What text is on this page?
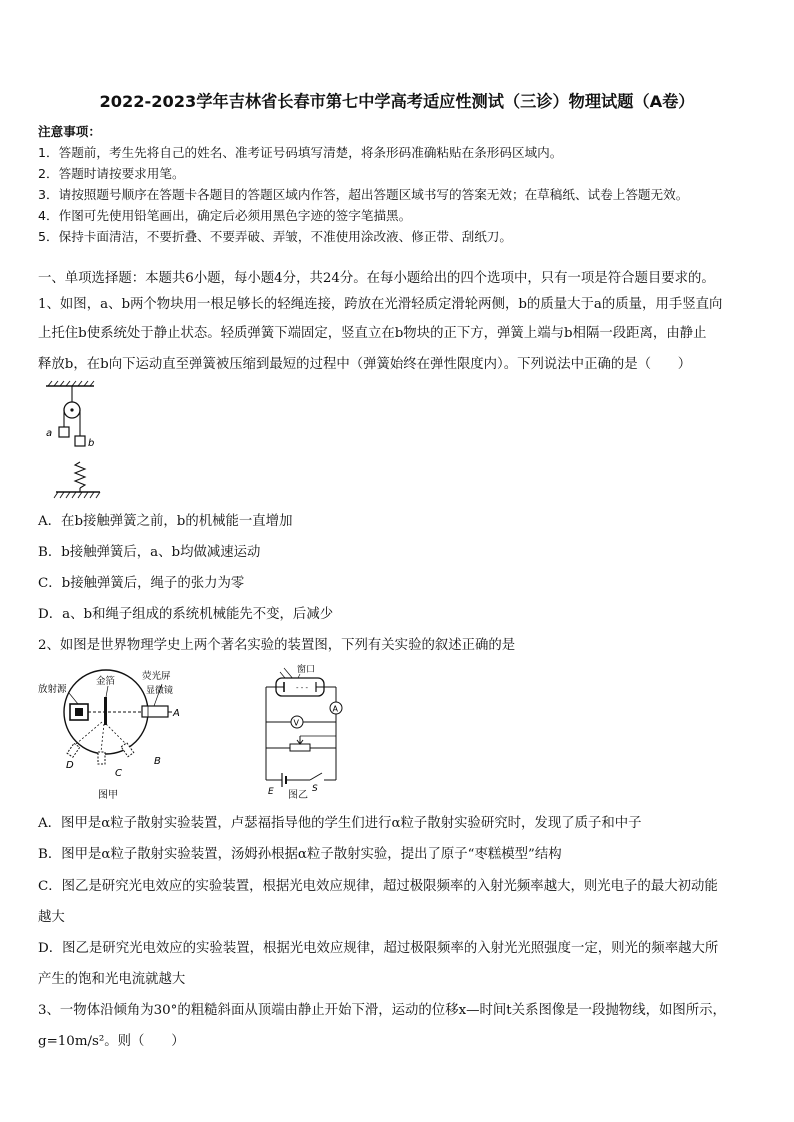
2022-2023学年吉林省长春市第七中学高考适应性测试（三诊）物理试题（A卷）
注意事项：
1．答题前，考生先将自己的姓名、准考证号码填写清楚，将条形码准确粘贴在条形码区域内。
2．答题时请按要求用笔。
3．请按照题号顺序在答题卡各题目的答题区域内作答，超出答题区域书写的答案无效；在草稿纸、试卷上答题无效。
4．作图可先使用铅笔画出，确定后必须用黑色字迹的签字笔描黑。
5．保持卡面清洁，不要折叠、不要弄破、弄皱，不准使用涂改液、修正带、刮纸刀。
一、单项选择题：本题共6小题，每小题4分，共24分。在每小题给出的四个选项中，只有一项是符合题目要求的。
1、如图，a、b两个物块用一根足够长的轻绳连接，跨放在光滑轻质定滑轮两侧，b的质量大于a的质量，用手竖直向
上托住b使系统处于静止状态。轻质弹簧下端固定，竖直立在b物块的正下方，弹簧上端与b相隔一段距离，由静止
释放b，在b向下运动直至弹簧被压缩到最短的过程中（弹簧始终在弹性限度内）。下列说法中正确的是（　　）
a
b
A．在b接触弹簧之前，b的机械能一直增加
B．b接触弹簧后，a、b均做减速运动
C．b接触弹簧后，绳子的张力为零
D．a、b和绳子组成的系统机械能先不变，后减少
2、如图是世界物理学史上两个著名实验的装置图，下列有关实验的叙述正确的是
放射源
金箔	荧光屏
显微镜
A
B
C
D
图甲
窗口
- - -
A
V
E	S
图乙
A．图甲是α粒子散射实验装置，卢瑟福指导他的学生们进行α粒子散射实验研究时，发现了质子和中子
B．图甲是α粒子散射实验装置，汤姆孙根据α粒子散射实验，提出了原子“枣糕模型”结构
C．图乙是研究光电效应的实验装置，根据光电效应规律，超过极限频率的入射光频率越大，则光电子的最大初动能
越大
D．图乙是研究光电效应的实验装置，根据光电效应规律，超过极限频率的入射光光照强度一定，则光的频率越大所
产生的饱和光电流就越大
3、一物体沿倾角为30°的粗糙斜面从顶端由静止开始下滑，运动的位移x—时间t关系图像是一段抛物线，如图所示，
g=10m/s²。则（　　）
